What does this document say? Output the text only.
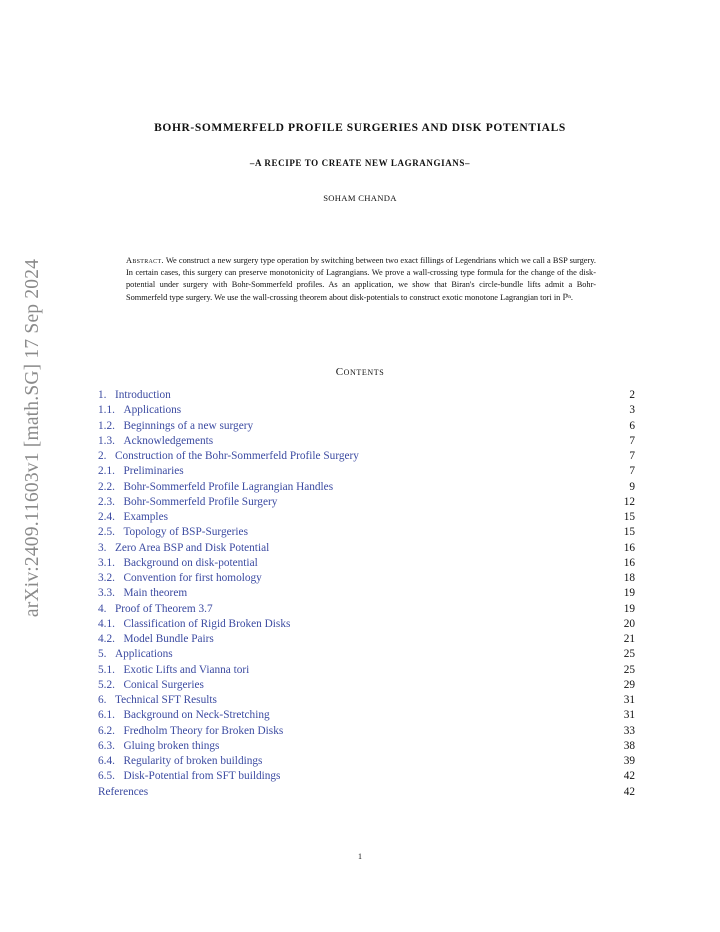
arXiv:2409.11603v1 [math.SG] 17 Sep 2024
BOHR-SOMMERFELD PROFILE SURGERIES AND DISK POTENTIALS
–A RECIPE TO CREATE NEW LAGRANGIANS–
SOHAM CHANDA
Abstract. We construct a new surgery type operation by switching between two exact fillings of Legendrians which we call a BSP surgery. In certain cases, this surgery can preserve monotonicity of Lagrangians. We prove a wall-crossing type formula for the change of the disk-potential under surgery with Bohr-Sommerfeld profiles. As an application, we show that Biran's circle-bundle lifts admit a Bohr-Sommerfeld type surgery. We use the wall-crossing theorem about disk-potentials to construct exotic monotone Lagrangian tori in ℙⁿ.
Contents
1. Introduction	2
1.1. Applications	3
1.2. Beginnings of a new surgery	6
1.3. Acknowledgements	7
2. Construction of the Bohr-Sommerfeld Profile Surgery	7
2.1. Preliminaries	7
2.2. Bohr-Sommerfeld Profile Lagrangian Handles	9
2.3. Bohr-Sommerfeld Profile Surgery	12
2.4. Examples	15
2.5. Topology of BSP-Surgeries	15
3. Zero Area BSP and Disk Potential	16
3.1. Background on disk-potential	16
3.2. Convention for first homology	18
3.3. Main theorem	19
4. Proof of Theorem 3.7	19
4.1. Classification of Rigid Broken Disks	20
4.2. Model Bundle Pairs	21
5. Applications	25
5.1. Exotic Lifts and Vianna tori	25
5.2. Conical Surgeries	29
6. Technical SFT Results	31
6.1. Background on Neck-Stretching	31
6.2. Fredholm Theory for Broken Disks	33
6.3. Gluing broken things	38
6.4. Regularity of broken buildings	39
6.5. Disk-Potential from SFT buildings	42
References	42
1
